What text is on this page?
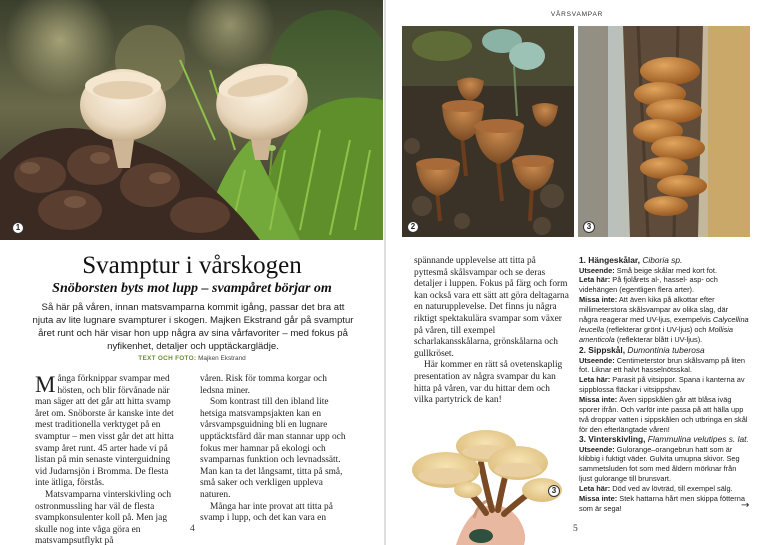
1
Svamptur i vårskogen
Snöborsten byts mot lupp – svampåret börjar om
Så här på våren, innan matsvamparna kommit igång, passar det bra att njuta av lite lugnare svampturer i skogen. Majken Ekstrand går på svamptur året runt och här visar hon upp några av sina vårfavoriter – med fokus på nyfikenhet, detaljer och upptäckarglädje.
TEXT OCH FOTO: Majken Ekstrand

Många förknippar svampar med hösten, och blir förvånade när man säger att det går att hitta svamp året om. Snöborste är kanske inte det mest traditionella verktyget på en svamptur – men visst går det att hitta svamp året runt. 45 arter hade vi på listan på min senaste vinterguidning vid Judarnsjön i Bromma. De flesta inte ätliga, förstås.

Matsvamparna vinterskivling och ostronmussling har väl de flesta svampkonsulenter koll på. Men jag skulle nog inte våga göra en matsvampsutflykt på

våren. Risk för tomma korgar och ledsna miner.

Som kontrast till den ibland lite hetsiga matsvampsjakten kan en vårsvampsguidning bli en lugnare upptäcktsfärd där man stannar upp och fokus mer hamnar på ekologi och svamparnas funktion och levnadssätt. Man kan ta det långsamt, titta på små, små saker och verkligen uppleva naturen.

Många har inte provat att titta på svamp i lupp, och det kan vara en

4
VÅRSVAMPAR
2	3

spännande upplevelse att titta på pyttesmå skålsvampar och se deras detaljer i luppen. Fokus på färg och form kan också vara ett sätt att göra deltagarna en naturupplevelse. Det finns ju några riktigt spektakulära svampar som växer på våren, till exempel scharlakansskålarna, grönskålarna och gullkröset.

Här kommer en rätt så ovetenskaplig presentation av några svampar du kan hitta på våren, var du hittar dem och vilka partytrick de kan!

1. Hängeskålar, Ciboria sp.
Utseende: Små beige skålar med kort fot.
Leta här: På fjolårets al-, hassel- asp- och videhängen (egentligen flera arter).
Missa inte: Att även kika på alkottar efter millimeterstora skålsvampar av olika slag, där några reagerar med UV-ljus, exempelvis Calycellina leucella (reflekterar grönt i UV-ljus) och Mollisia amenticola (reflekterar blått i UV-ljus).
2. Sippskål, Dumontinia tuberosa
Utseende: Centimeterstor brun skålsvamp på liten fot. Liknar ett halvt hasselnötsskal.
Leta här: Parasit på vitsippor. Spana i kanterna av sippblossa fläckar i vitsippshav.
Missa inte: Även sippskålen går att blåsa iväg sporer ifrån. Och varför inte passa på att hälla upp två droppar vatten i sippskålen och utbringa en skål för den efterlängtade våren!
3. Vinterskivling, Flammulina velutipes s. lat.
Utseende: Gulorange–orangebrun hatt som är klibbig i fuktigt väder. Gulvita umupna skivor. Seg sammetsluden fot som med åldern mörknar från ljust gulorange till brunsvart.
Leta här: Död ved av lövträd, till exempel sälg.
Missa inte: Stek hattarna hårt men skippa fötterna som är sega!
3
5
→
